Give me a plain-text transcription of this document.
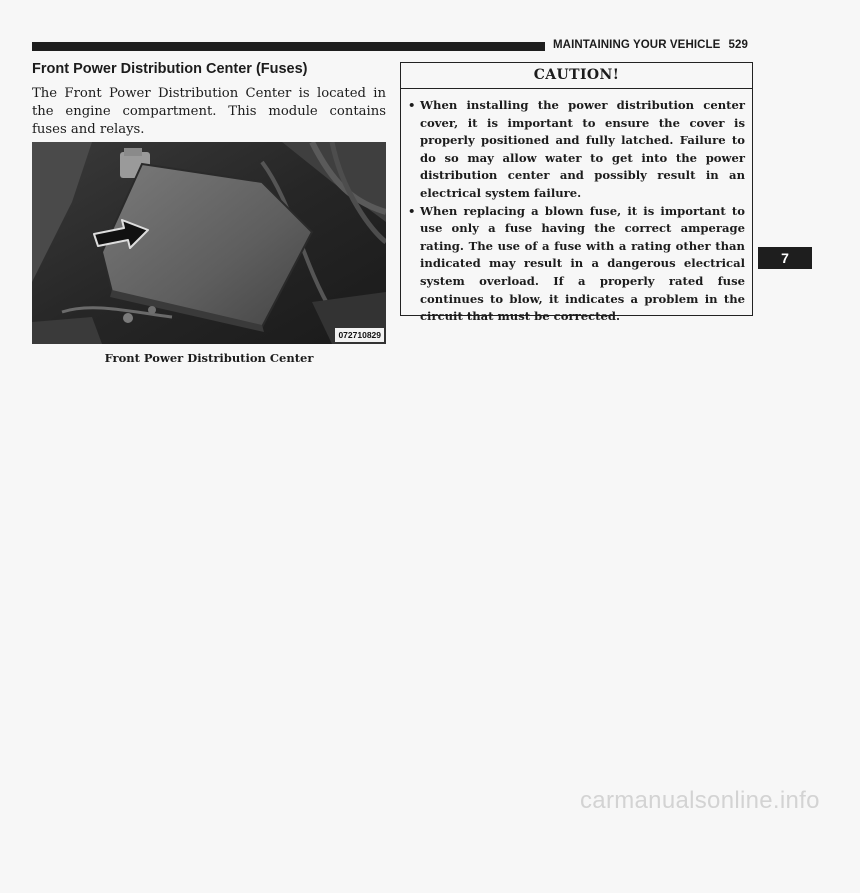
MAINTAINING YOUR VEHICLE 529
Front Power Distribution Center (Fuses)

The Front Power Distribution Center is located in the engine compartment. This module contains fuses and relays.

072710829
Front Power Distribution Center
CAUTION!
• When installing the power distribution center cover, it is important to ensure the cover is properly positioned and fully latched. Failure to do so may allow water to get into the power distribution center and possibly result in an electrical system failure.
• When replacing a blown fuse, it is important to use only a fuse having the correct amperage rating. The use of a fuse with a rating other than indicated may result in a dangerous electrical system overload. If a properly rated fuse continues to blow, it indicates a problem in the circuit that must be corrected.
7
carmanualsonline.info
